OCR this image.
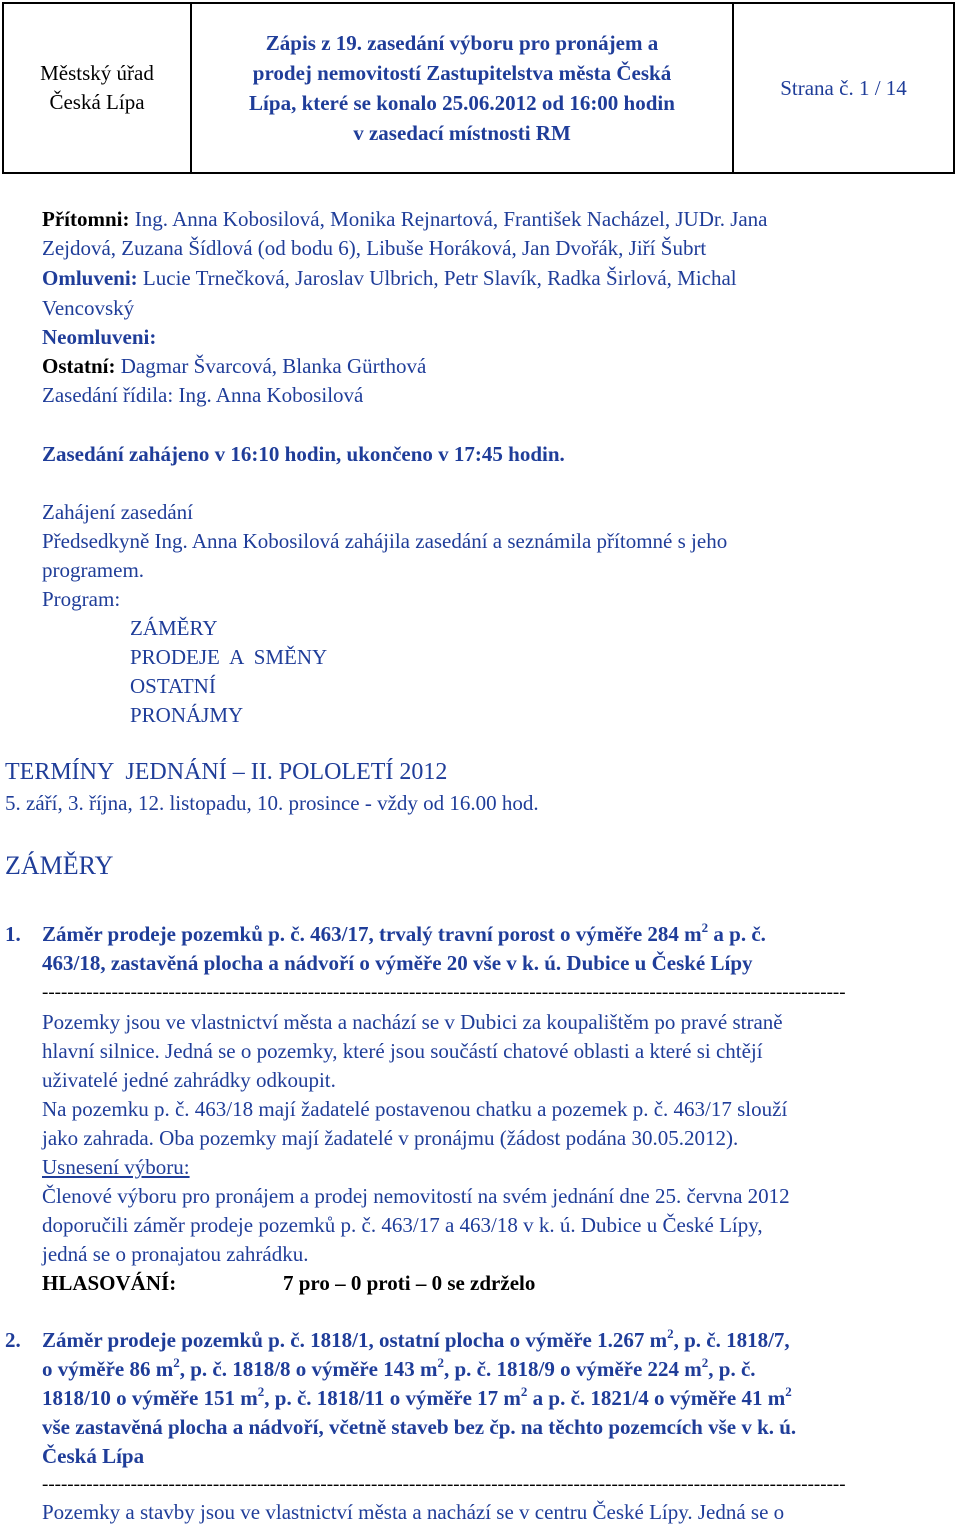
Městský úřad
Česká Lípa
Zápis z 19. zasedání výboru pro pronájem a
prodej nemovitostí Zastupitelstva města Česká
Lípa, které se konalo 25.06.2012 od 16:00 hodin
v zasedací místnosti RM
Strana č. 1 / 14
Přítomni: Ing. Anna Kobosilová, Monika Rejnartová, František Nacházel, JUDr. Jana
Zejdová, Zuzana Šídlová (od bodu 6), Libuše Horáková, Jan Dvořák, Jiří Šubrt
Omluveni: Lucie Trnečková, Jaroslav Ulbrich, Petr Slavík, Radka Širlová, Michal
Vencovský
Neomluveni:
Ostatní: Dagmar Švarcová, Blanka Gürthová
Zasedání řídila: Ing. Anna Kobosilová
Zasedání zahájeno v 16:10 hodin, ukončeno v 17:45 hodin.
Zahájení zasedání
Předsedkyně Ing. Anna Kobosilová zahájila zasedání a seznámila přítomné s jeho
programem.
Program:
ZÁMĚRY
PRODEJE  A  SMĚNY
OSTATNÍ
PRONÁJMY
TERMÍNY  JEDNÁNÍ – II. POLOLETÍ 2012
5. září, 3. října, 12. listopadu, 10. prosince - vždy od 16.00 hod.
ZÁMĚRY
1. Záměr prodeje pozemků p. č. 463/17, trvalý travní porost o výměře 284 $m^2$ a p. č.
463/18, zastavěná plocha a nádvoří o výměře 20 vše v k. ú. Dubice u České Lípy
-------------------------------------------------------------------------------------------------------------------------------
Pozemky jsou ve vlastnictví města a nachází se v Dubici za koupalištěm po pravé straně
hlavní silnice. Jedná se o pozemky, které jsou součástí chatové oblasti a které si chtějí
uživatelé jedné zahrádky odkoupit.
Na pozemku p. č. 463/18 mají žadatelé postavenou chatku a pozemek p. č. 463/17 slouží
jako zahrada. Oba pozemky mají žadatelé v pronájmu (žádost podána 30.05.2012).
Usnesení výboru:
Členové výboru pro pronájem a prodej nemovitostí na svém jednání dne 25. června 2012
doporučili záměr prodeje pozemků p. č. 463/17 a 463/18 v k. ú. Dubice u České Lípy,
jedná se o pronajatou zahrádku.
HLASOVÁNÍ:	7 pro – 0 proti – 0 se zdrželo
2. Záměr prodeje pozemků p. č. 1818/1, ostatní plocha o výměře 1.267 $m^2$, p. č. 1818/7,
o výměře 86 $m^2$, p. č. 1818/8 o výměře 143 $m^2$, p. č. 1818/9 o výměře 224 $m^2$, p. č.
1818/10 o výměře 151 $m^2$, p. č. 1818/11 o výměře 17 $m^2$ a p. č. 1821/4 o výměře 41 $m^2$
vše zastavěná plocha a nádvoří, včetně staveb bez čp. na těchto pozemcích vše v k. ú.
Česká Lípa
-------------------------------------------------------------------------------------------------------------------------------
Pozemky a stavby jsou ve vlastnictví města a nachází se v centru České Lípy. Jedná se o
